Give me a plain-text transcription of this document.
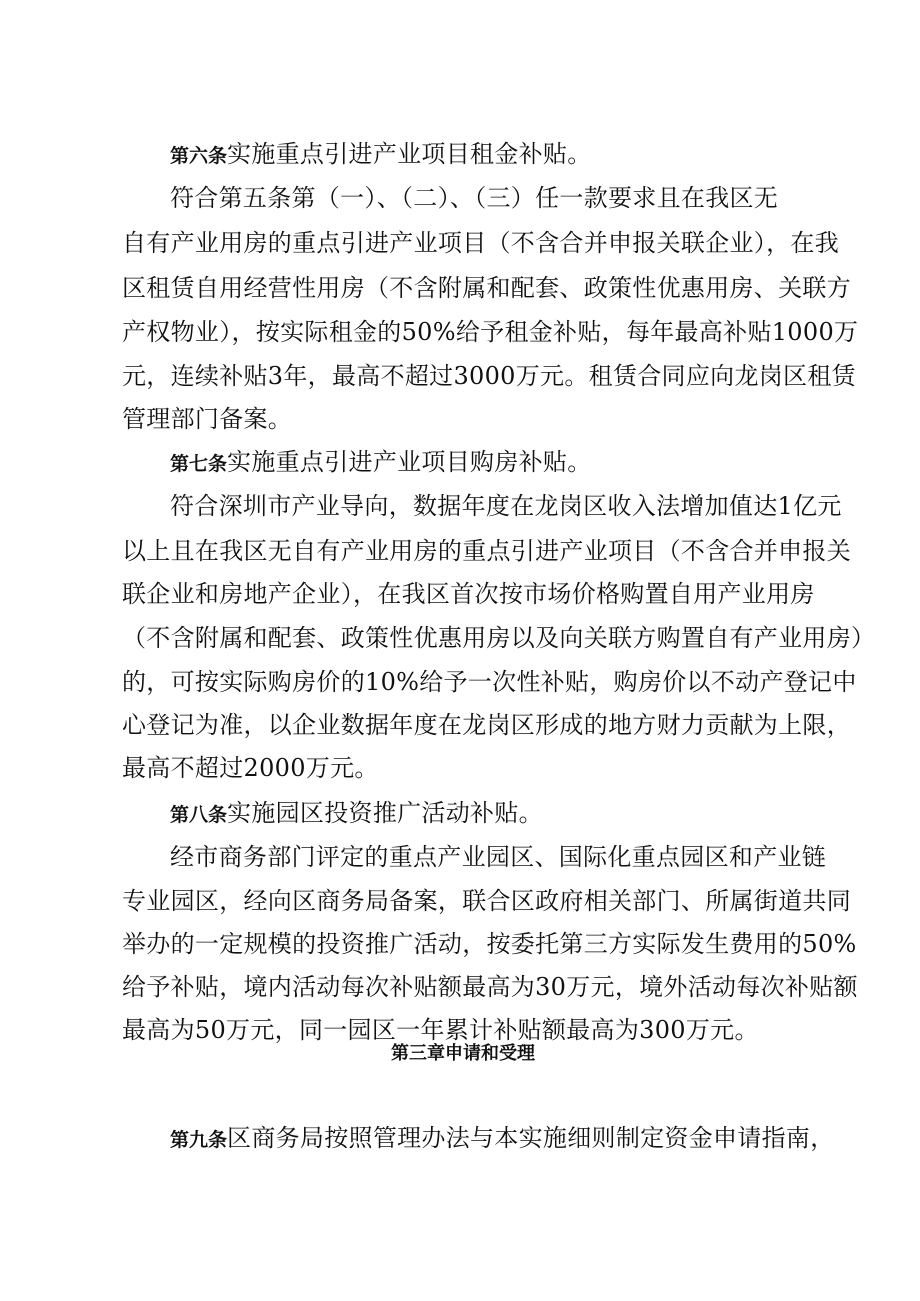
第六条实施重点引进产业项目租金补贴。
符合第五条第（一）、（二）、（三）任一款要求且在我区无
自有产业用房的重点引进产业项目（不含合并申报关联企业），在我
区租赁自用经营性用房（不含附属和配套、政策性优惠用房、关联方
产权物业），按实际租金的50%给予租金补贴，每年最高补贴1000万
元，连续补贴3年，最高不超过3000万元。租赁合同应向龙岗区租赁
管理部门备案。
第七条实施重点引进产业项目购房补贴。
符合深圳市产业导向，数据年度在龙岗区收入法增加值达1亿元
以上且在我区无自有产业用房的重点引进产业项目（不含合并申报关
联企业和房地产企业），在我区首次按市场价格购置自用产业用房
（不含附属和配套、政策性优惠用房以及向关联方购置自有产业用房）
的，可按实际购房价的10%给予一次性补贴，购房价以不动产登记中
心登记为准，以企业数据年度在龙岗区形成的地方财力贡献为上限，
最高不超过2000万元。
第八条实施园区投资推广活动补贴。
经市商务部门评定的重点产业园区、国际化重点园区和产业链
专业园区，经向区商务局备案，联合区政府相关部门、所属街道共同
举办的一定规模的投资推广活动，按委托第三方实际发生费用的50%
给予补贴，境内活动每次补贴额最高为30万元，境外活动每次补贴额
最高为50万元，同一园区一年累计补贴额最高为300万元。
第三章申请和受理
第九条区商务局按照管理办法与本实施细则制定资金申请指南，
